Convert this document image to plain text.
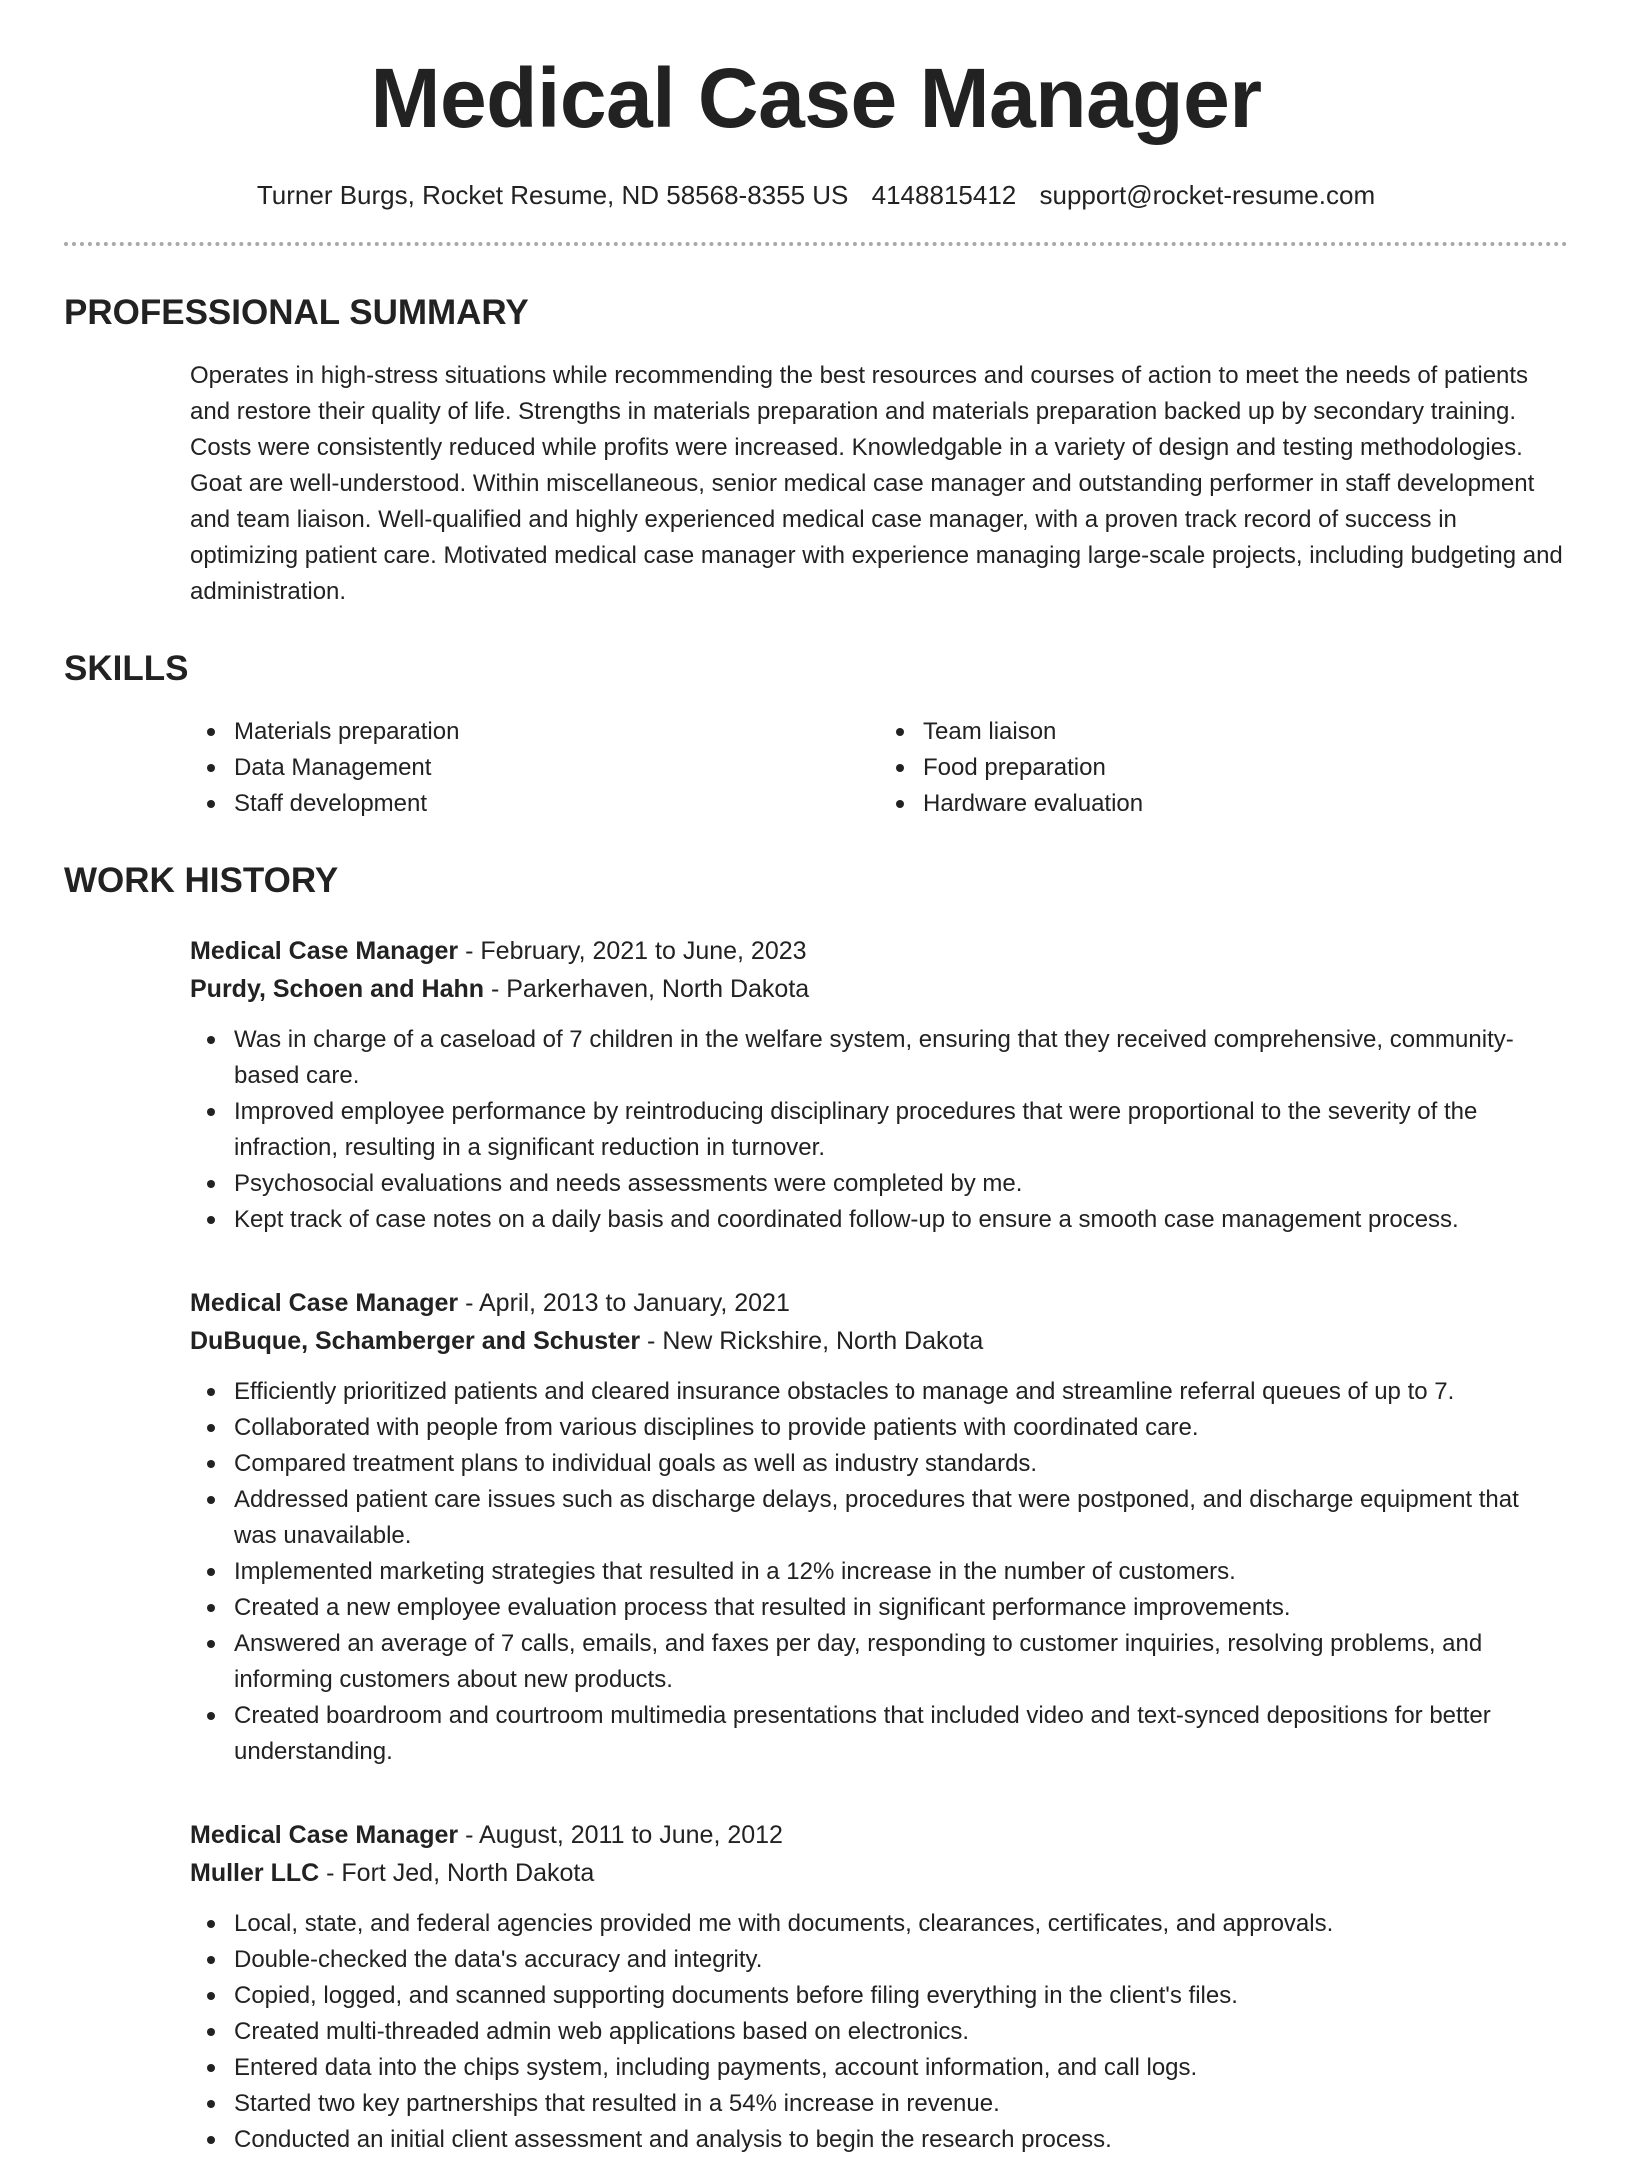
Medical Case Manager
Turner Burgs, Rocket Resume, ND 58568-8355 US 4148815412 support@rocket-resume.com
PROFESSIONAL SUMMARY

Operates in high-stress situations while recommending the best resources and courses of action to meet the needs of patients and restore their quality of life. Strengths in materials preparation and materials preparation backed up by secondary training. Costs were consistently reduced while profits were increased. Knowledgable in a variety of design and testing methodologies. Goat are well-understood. Within miscellaneous, senior medical case manager and outstanding performer in staff development and team liaison. Well-qualified and highly experienced medical case manager, with a proven track record of success in optimizing patient care. Motivated medical case manager with experience managing large-scale projects, including budgeting and administration.

SKILLS
Materials preparation
Data Management
Staff development
Team liaison
Food preparation
Hardware evaluation
WORK HISTORY
Medical Case Manager - February, 2021 to June, 2023
Purdy, Schoen and Hahn - Parkerhaven, North Dakota
Was in charge of a caseload of 7 children in the welfare system, ensuring that they received comprehensive, community-based care.
Improved employee performance by reintroducing disciplinary procedures that were proportional to the severity of the infraction, resulting in a significant reduction in turnover.
Psychosocial evaluations and needs assessments were completed by me.
Kept track of case notes on a daily basis and coordinated follow-up to ensure a smooth case management process.
Medical Case Manager - April, 2013 to January, 2021
DuBuque, Schamberger and Schuster - New Rickshire, North Dakota
Efficiently prioritized patients and cleared insurance obstacles to manage and streamline referral queues of up to 7.
Collaborated with people from various disciplines to provide patients with coordinated care.
Compared treatment plans to individual goals as well as industry standards.
Addressed patient care issues such as discharge delays, procedures that were postponed, and discharge equipment that was unavailable.
Implemented marketing strategies that resulted in a 12% increase in the number of customers.
Created a new employee evaluation process that resulted in significant performance improvements.
Answered an average of 7 calls, emails, and faxes per day, responding to customer inquiries, resolving problems, and informing customers about new products.
Created boardroom and courtroom multimedia presentations that included video and text-synced depositions for better understanding.
Medical Case Manager - August, 2011 to June, 2012
Muller LLC - Fort Jed, North Dakota
Local, state, and federal agencies provided me with documents, clearances, certificates, and approvals.
Double-checked the data's accuracy and integrity.
Copied, logged, and scanned supporting documents before filing everything in the client's files.
Created multi-threaded admin web applications based on electronics.
Entered data into the chips system, including payments, account information, and call logs.
Started two key partnerships that resulted in a 54% increase in revenue.
Conducted an initial client assessment and analysis to begin the research process.
